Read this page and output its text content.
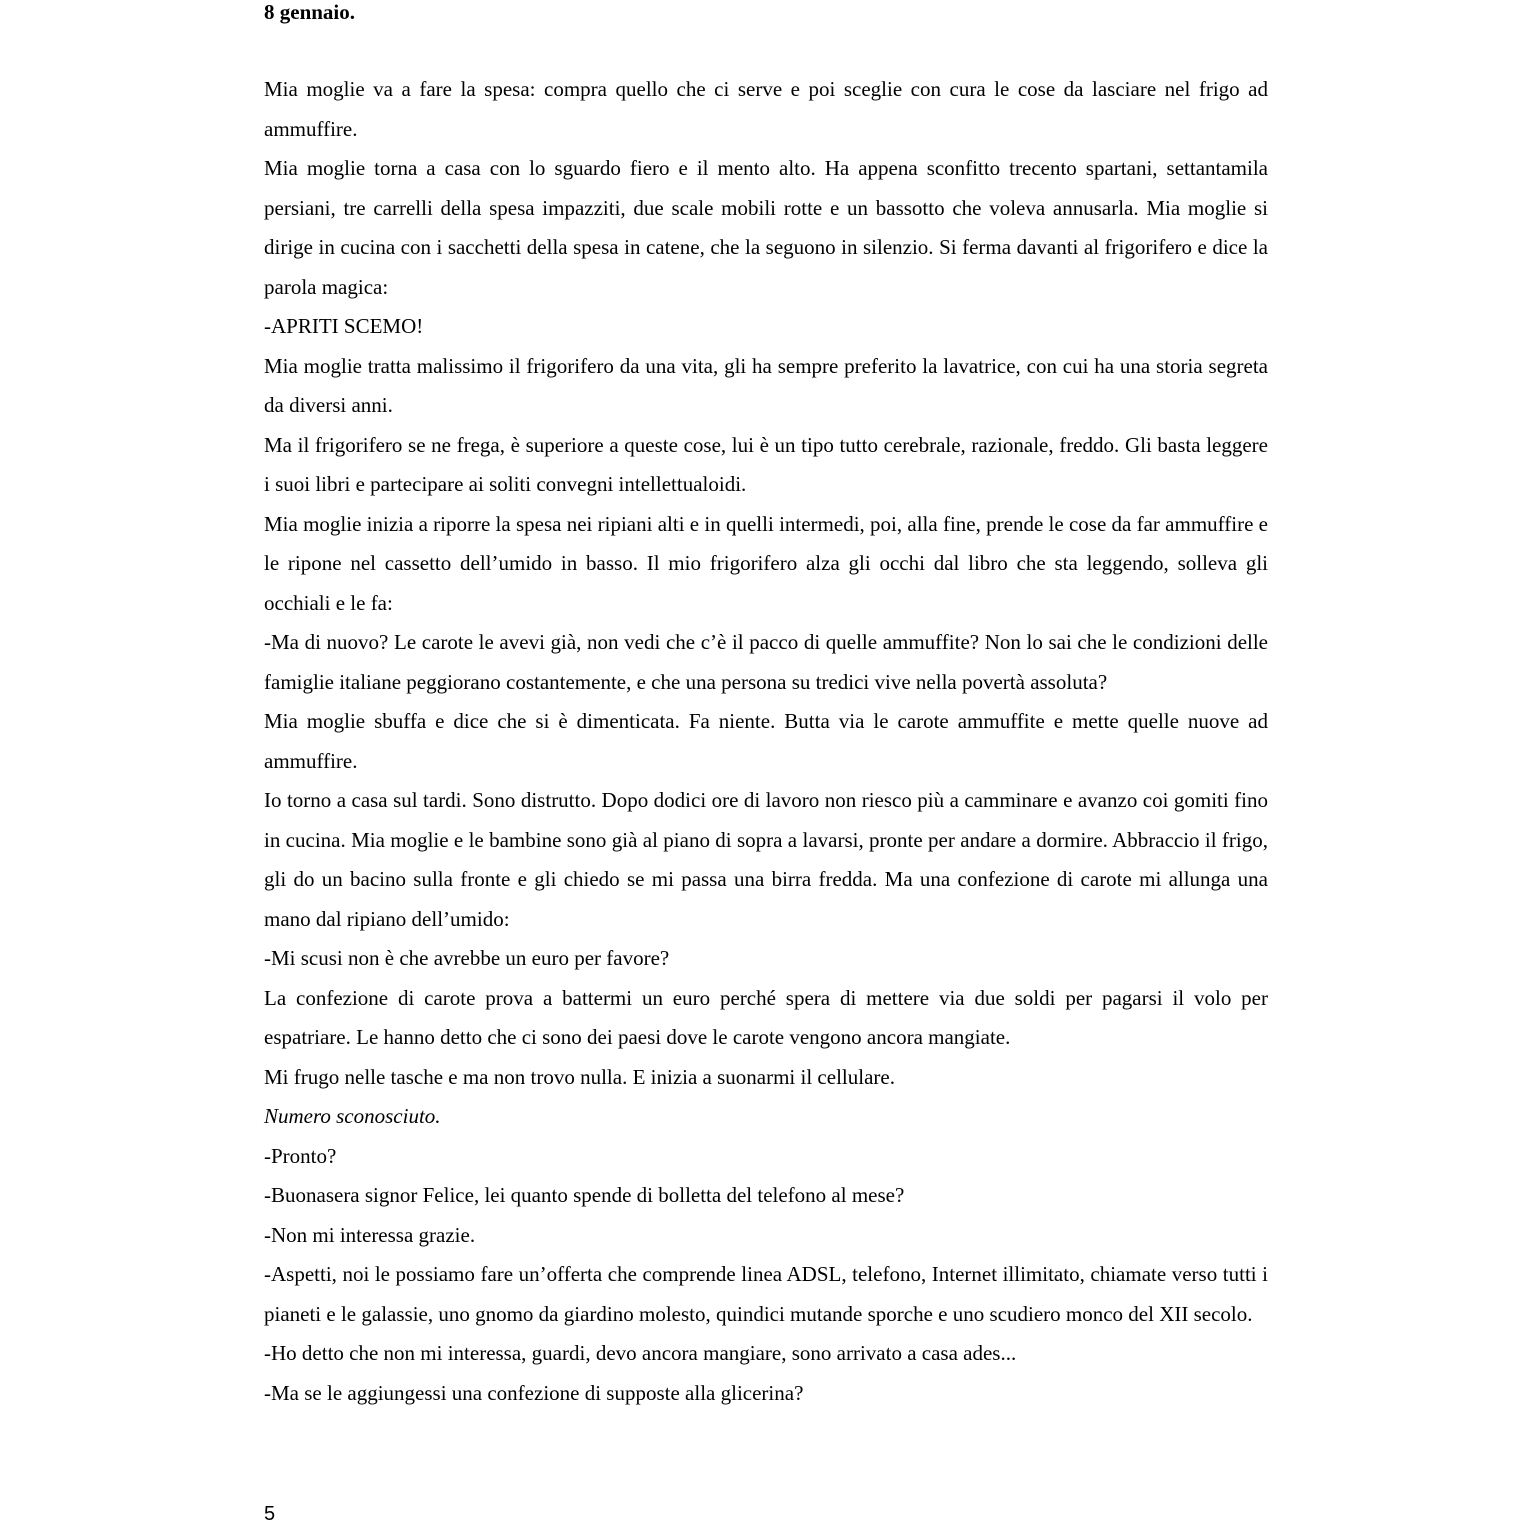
8 gennaio.

Mia moglie va a fare la spesa: compra quello che ci serve e poi sceglie con cura le cose da lasciare nel frigo ad ammuffire.

Mia moglie torna a casa con lo sguardo fiero e il mento alto. Ha appena sconfitto trecento spartani, settantamila persiani, tre carrelli della spesa impazziti, due scale mobili rotte e un bassotto che voleva annusarla. Mia moglie si dirige in cucina con i sacchetti della spesa in catene, che la seguono in silenzio. Si ferma davanti al frigorifero e dice la parola magica:

-APRITI SCEMO!

Mia moglie tratta malissimo il frigorifero da una vita, gli ha sempre preferito la lavatrice, con cui ha una storia segreta da diversi anni.

Ma il frigorifero se ne frega, è superiore a queste cose, lui è un tipo tutto cerebrale, razionale, freddo. Gli basta leggere i suoi libri e partecipare ai soliti convegni intellettualoidi.

Mia moglie inizia a riporre la spesa nei ripiani alti e in quelli intermedi, poi, alla fine, prende le cose da far ammuffire e le ripone nel cassetto dell’umido in basso. Il mio frigorifero alza gli occhi dal libro che sta leggendo, solleva gli occhiali e le fa:

-Ma di nuovo? Le carote le avevi già, non vedi che c’è il pacco di quelle ammuffite? Non lo sai che le condizioni delle famiglie italiane peggiorano costantemente, e che una persona su tredici vive nella povertà assoluta?

Mia moglie sbuffa e dice che si è dimenticata. Fa niente. Butta via le carote ammuffite e mette quelle nuove ad ammuffire.

Io torno a casa sul tardi. Sono distrutto. Dopo dodici ore di lavoro non riesco più a camminare e avanzo coi gomiti fino in cucina. Mia moglie e le bambine sono già al piano di sopra a lavarsi, pronte per andare a dormire. Abbraccio il frigo, gli do un bacino sulla fronte e gli chiedo se mi passa una birra fredda. Ma una confezione di carote mi allunga una mano dal ripiano dell’umido:

-Mi scusi non è che avrebbe un euro per favore?

La confezione di carote prova a battermi un euro perché spera di mettere via due soldi per pagarsi il volo per espatriare. Le hanno detto che ci sono dei paesi dove le carote vengono ancora mangiate.

Mi frugo nelle tasche e ma non trovo nulla. E inizia a suonarmi il cellulare.

Numero sconosciuto.

-Pronto?

-Buonasera signor Felice, lei quanto spende di bolletta del telefono al mese?

-Non mi interessa grazie.

-Aspetti, noi le possiamo fare un’offerta che comprende linea ADSL, telefono, Internet illimitato, chiamate verso tutti i pianeti e le galassie, uno gnomo da giardino molesto, quindici mutande sporche e uno scudiero monco del XII secolo.

-Ho detto che non mi interessa, guardi, devo ancora mangiare, sono arrivato a casa ades...

-Ma se le aggiungessi una confezione di supposte alla glicerina?

5
